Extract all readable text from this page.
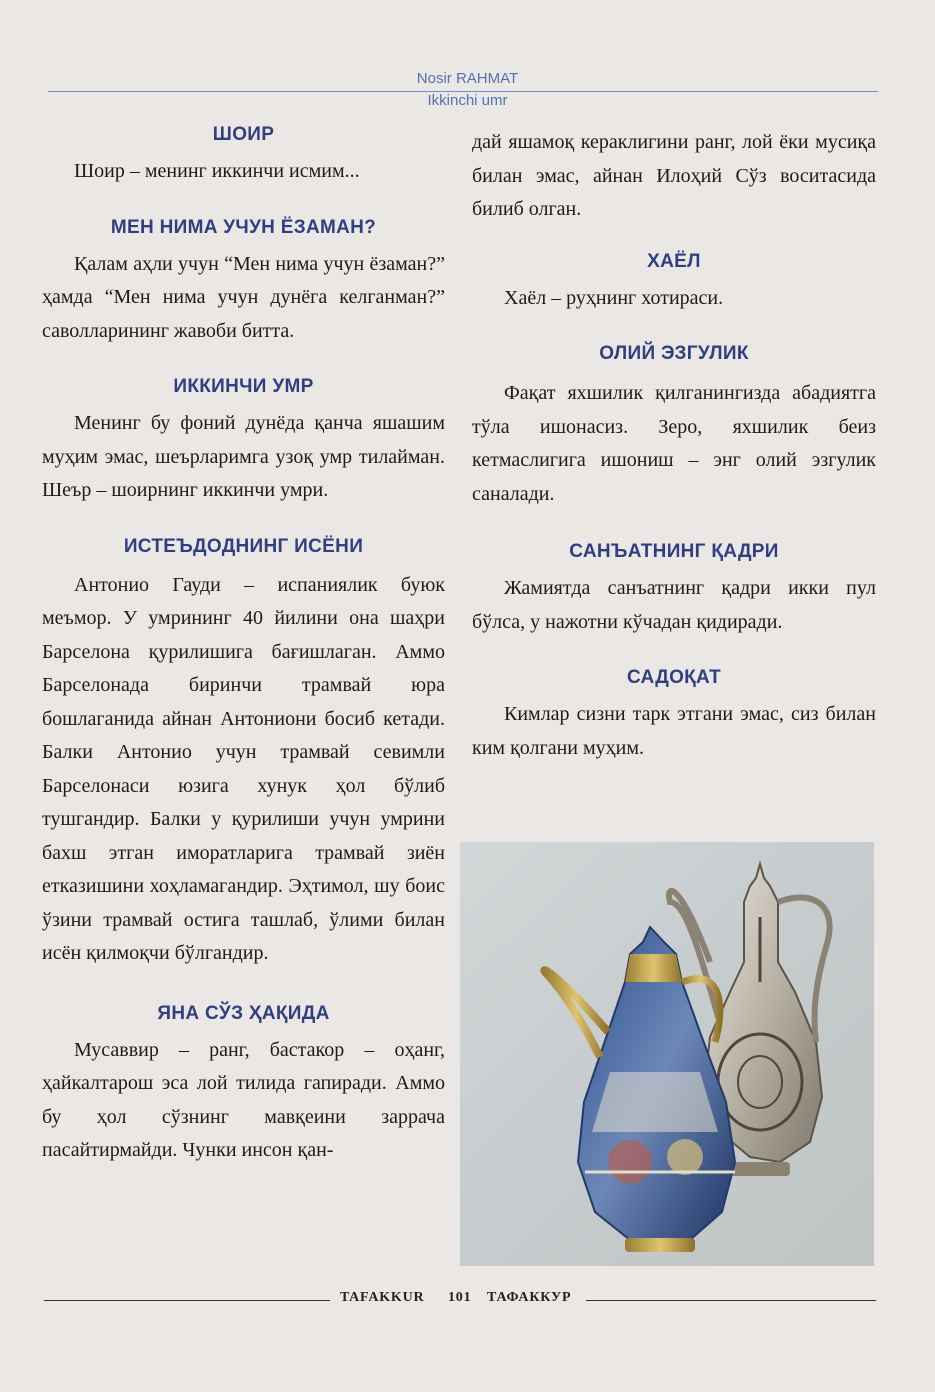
Nosir RAHMAT
Ikkinchi umr
ШОИР

Шоир – менинг иккинчи исмим...

МЕН НИМА УЧУН ЁЗАМАН?

Қалам аҳли учун “Мен нима учун ёзаман?” ҳамда “Мен нима учун дунёга келганман?” саволларининг жавоби битта.

ИККИНЧИ УМР

Менинг бу фоний дунёда қанча яшашим муҳим эмас, шеърларимга узоқ умр тилайман. Шеър – шоирнинг иккинчи умри.

ИСТЕЪДОДНИНГ ИСЁНИ

Антонио Гауди – испаниялик буюк меъмор. У умрининг 40 йилини она шаҳри Барселона қурилишига бағишлаган. Аммо Барселонада биринчи трамвай юра бошлаганида айнан Антониони босиб кетади. Балки Антонио учун трамвай севимли Барселонаси юзига хунук ҳол бўлиб тушгандир. Балки у қурилиши учун умрини бахш этган иморатларига трамвай зиён етказишини хоҳламагандир. Эҳтимол, шу боис ўзини трамвай остига ташлаб, ўлими билан исён қилмоқчи бўлгандир.

ЯНА СЎЗ ҲАҚИДА

Мусаввир – ранг, бастакор – оҳанг, ҳайкалтарош эса лой тилида гапиради. Аммо бу ҳол сўзнинг мавқеини заррача пасайтирмайди. Чунки инсон қан-

дай яшамоқ кераклигини ранг, лой ёки мусиқа билан эмас, айнан Илоҳий Сўз воситасида билиб олган.

ХАЁЛ

Хаёл – руҳнинг хотираси.

ОЛИЙ ЭЗГУЛИК

Фақат яхшилик қилганингизда абадиятга тўла ишонасиз. Зеро, яхшилик беиз кетмаслигига ишониш – энг олий эзгулик саналади.

САНЪАТНИНГ ҚАДРИ

Жамиятда санъатнинг қадри икки пул бўлса, у нажотни кўчадан қидиради.

САДОҚАТ

Кимлар сизни тарк этгани эмас, сиз билан ким қолгани муҳим.

TAFAKKUR 101 ТАФАККУР
